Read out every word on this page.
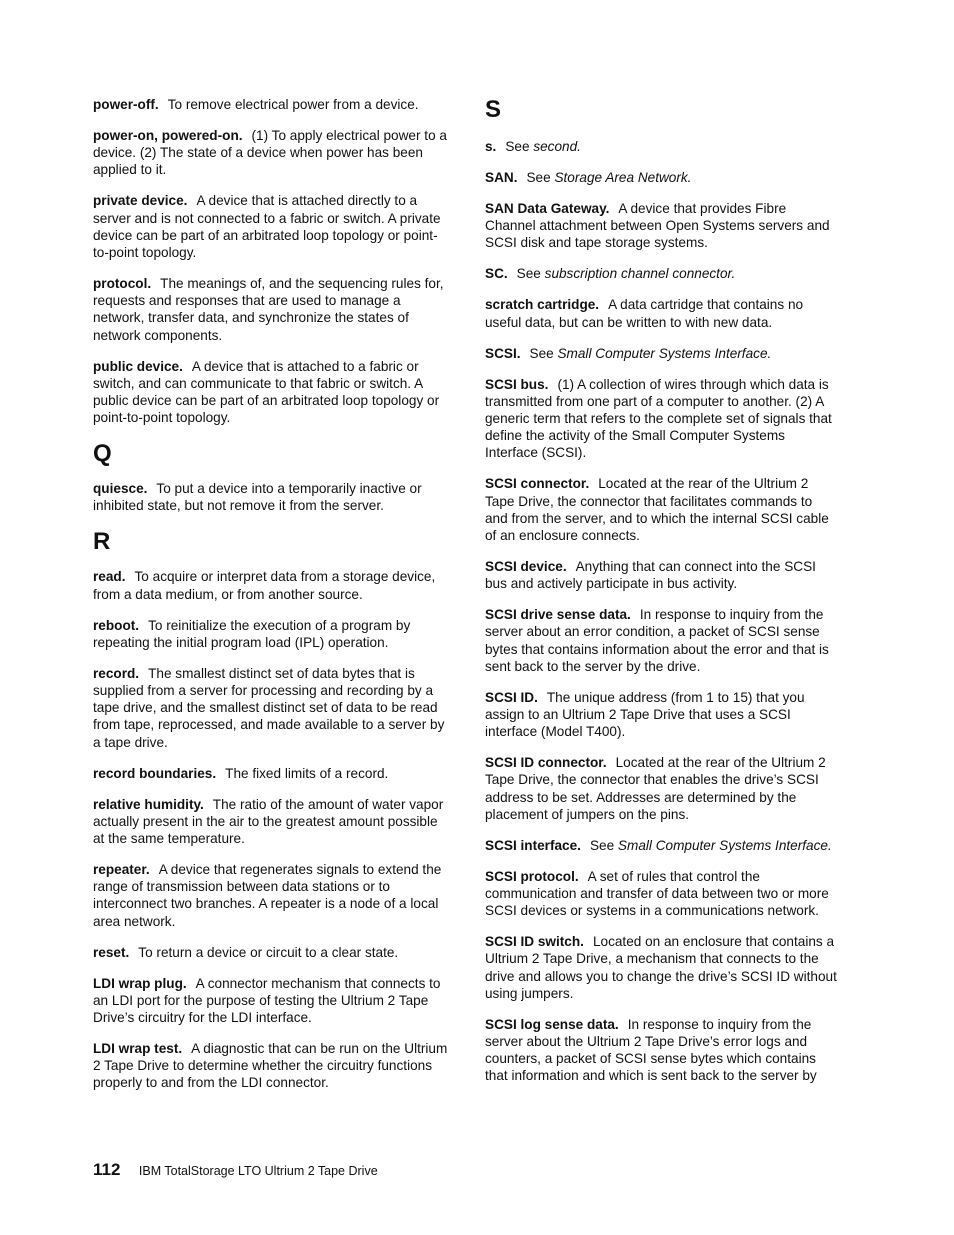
power-off. To remove electrical power from a device.

power-on, powered-on. (1) To apply electrical power to a device. (2) The state of a device when power has been applied to it.

private device. A device that is attached directly to a server and is not connected to a fabric or switch. A private device can be part of an arbitrated loop topology or point-to-point topology.

protocol. The meanings of, and the sequencing rules for, requests and responses that are used to manage a network, transfer data, and synchronize the states of network components.

public device. A device that is attached to a fabric or switch, and can communicate to that fabric or switch. A public device can be part of an arbitrated loop topology or point-to-point topology.

Q

quiesce. To put a device into a temporarily inactive or inhibited state, but not remove it from the server.

R

read. To acquire or interpret data from a storage device, from a data medium, or from another source.

reboot. To reinitialize the execution of a program by repeating the initial program load (IPL) operation.

record. The smallest distinct set of data bytes that is supplied from a server for processing and recording by a tape drive, and the smallest distinct set of data to be read from tape, reprocessed, and made available to a server by a tape drive.

record boundaries. The fixed limits of a record.

relative humidity. The ratio of the amount of water vapor actually present in the air to the greatest amount possible at the same temperature.

repeater. A device that regenerates signals to extend the range of transmission between data stations or to interconnect two branches. A repeater is a node of a local area network.

reset. To return a device or circuit to a clear state.

LDI wrap plug. A connector mechanism that connects to an LDI port for the purpose of testing the Ultrium 2 Tape Drive’s circuitry for the LDI interface.

LDI wrap test. A diagnostic that can be run on the Ultrium 2 Tape Drive to determine whether the circuitry functions properly to and from the LDI connector.

S

s. See second.

SAN. See Storage Area Network.

SAN Data Gateway. A device that provides Fibre Channel attachment between Open Systems servers and SCSI disk and tape storage systems.

SC. See subscription channel connector.

scratch cartridge. A data cartridge that contains no useful data, but can be written to with new data.

SCSI. See Small Computer Systems Interface.

SCSI bus. (1) A collection of wires through which data is transmitted from one part of a computer to another. (2) A generic term that refers to the complete set of signals that define the activity of the Small Computer Systems Interface (SCSI).

SCSI connector. Located at the rear of the Ultrium 2 Tape Drive, the connector that facilitates commands to and from the server, and to which the internal SCSI cable of an enclosure connects.

SCSI device. Anything that can connect into the SCSI bus and actively participate in bus activity.

SCSI drive sense data. In response to inquiry from the server about an error condition, a packet of SCSI sense bytes that contains information about the error and that is sent back to the server by the drive.

SCSI ID. The unique address (from 1 to 15) that you assign to an Ultrium 2 Tape Drive that uses a SCSI interface (Model T400).

SCSI ID connector. Located at the rear of the Ultrium 2 Tape Drive, the connector that enables the drive’s SCSI address to be set. Addresses are determined by the placement of jumpers on the pins.

SCSI interface. See Small Computer Systems Interface.

SCSI protocol. A set of rules that control the communication and transfer of data between two or more SCSI devices or systems in a communications network.

SCSI ID switch. Located on an enclosure that contains a Ultrium 2 Tape Drive, a mechanism that connects to the drive and allows you to change the drive’s SCSI ID without using jumpers.

SCSI log sense data. In response to inquiry from the server about the Ultrium 2 Tape Drive’s error logs and counters, a packet of SCSI sense bytes which contains that information and which is sent back to the server by

112 IBM TotalStorage LTO Ultrium 2 Tape Drive
